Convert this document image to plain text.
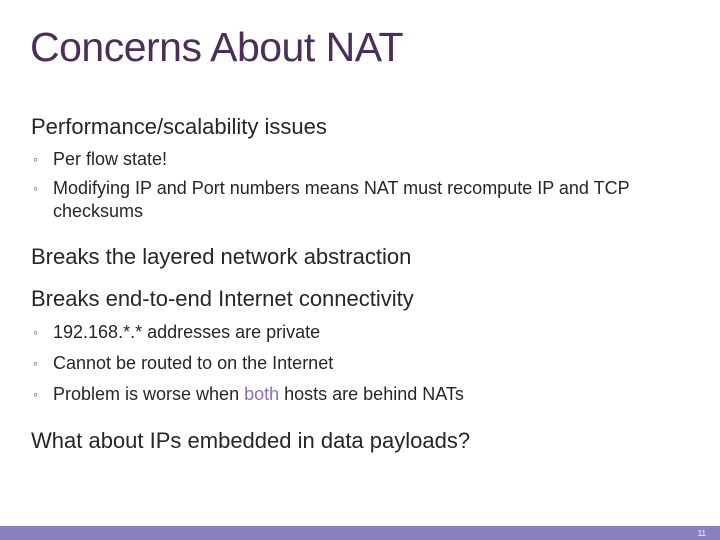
Concerns About NAT
Performance/scalability issues
◦ Per flow state!
◦ Modifying IP and Port numbers means NAT must recompute IP and TCP checksums
Breaks the layered network abstraction
Breaks end-to-end Internet connectivity
◦ 192.168.*.* addresses are private
◦ Cannot be routed to on the Internet
◦ Problem is worse when both hosts are behind NATs
What about IPs embedded in data payloads?
11
